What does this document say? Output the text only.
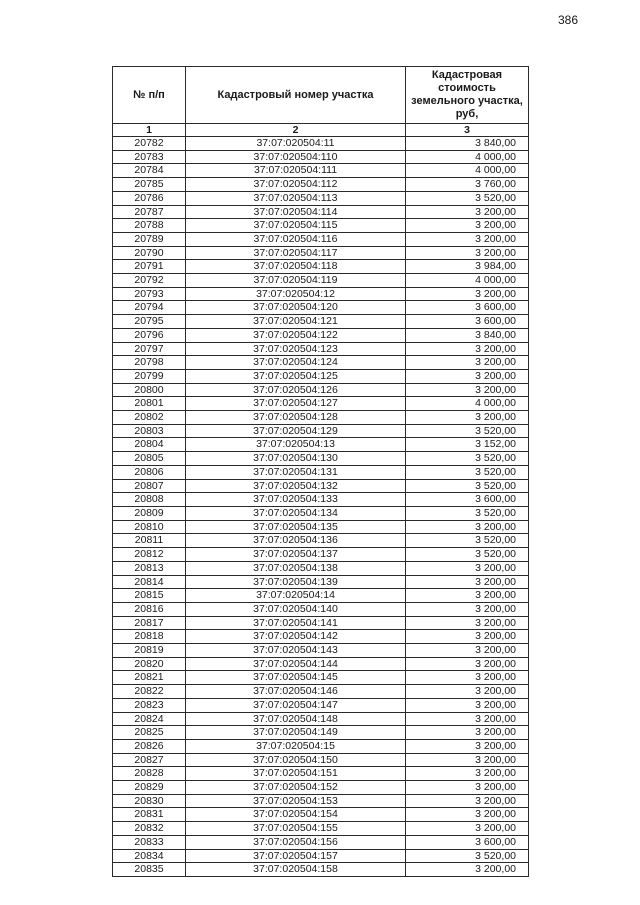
386
№ п/п	Кадастровый номер участка	Кадастровая стоимость земельного участка, руб,
1	2	3
20782	37:07:020504:11	3 840,00
20783	37:07:020504:110	4 000,00
20784	37:07:020504:111	4 000,00
20785	37:07:020504:112	3 760,00
20786	37:07:020504:113	3 520,00
20787	37:07:020504:114	3 200,00
20788	37:07:020504:115	3 200,00
20789	37:07:020504:116	3 200,00
20790	37:07:020504:117	3 200,00
20791	37:07:020504:118	3 984,00
20792	37:07:020504:119	4 000,00
20793	37:07:020504:12	3 200,00
20794	37:07:020504:120	3 600,00
20795	37:07:020504:121	3 600,00
20796	37:07:020504:122	3 840,00
20797	37:07:020504:123	3 200,00
20798	37:07:020504:124	3 200,00
20799	37:07:020504:125	3 200,00
20800	37:07:020504:126	3 200,00
20801	37:07:020504:127	4 000,00
20802	37:07:020504:128	3 200,00
20803	37:07:020504:129	3 520,00
20804	37:07:020504:13	3 152,00
20805	37:07:020504:130	3 520,00
20806	37:07:020504:131	3 520,00
20807	37:07:020504:132	3 520,00
20808	37:07:020504:133	3 600,00
20809	37:07:020504:134	3 520,00
20810	37:07:020504:135	3 200,00
20811	37:07:020504:136	3 520,00
20812	37:07:020504:137	3 520,00
20813	37:07:020504:138	3 200,00
20814	37:07:020504:139	3 200,00
20815	37:07:020504:14	3 200,00
20816	37:07:020504:140	3 200,00
20817	37:07:020504:141	3 200,00
20818	37:07:020504:142	3 200,00
20819	37:07:020504:143	3 200,00
20820	37:07:020504:144	3 200,00
20821	37:07:020504:145	3 200,00
20822	37:07:020504:146	3 200,00
20823	37:07:020504:147	3 200,00
20824	37:07:020504:148	3 200,00
20825	37:07:020504:149	3 200,00
20826	37:07:020504:15	3 200,00
20827	37:07:020504:150	3 200,00
20828	37:07:020504:151	3 200,00
20829	37:07:020504:152	3 200,00
20830	37:07:020504:153	3 200,00
20831	37:07:020504:154	3 200,00
20832	37:07:020504:155	3 200,00
20833	37:07:020504:156	3 600,00
20834	37:07:020504:157	3 520,00
20835	37:07:020504:158	3 200,00
